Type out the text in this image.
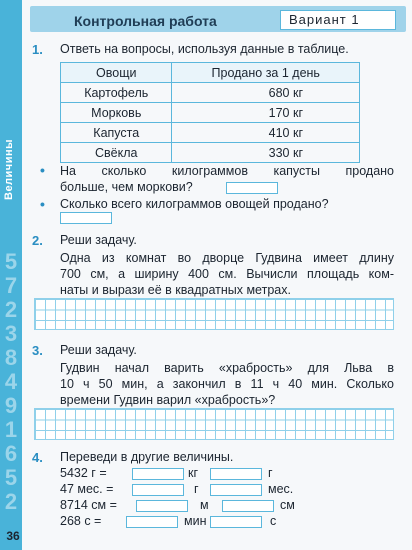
Величины
5
7
2
3
8
4
9
1
6
5
2
36
Контрольная работа	Вариант 1
1. Ответь на вопросы, используя данные в таблице.
Овощи	Продано за 1 день
Картофель	680 кг
Морковь	170 кг
Капуста	410 кг
Свёкла	330 кг
• На сколько килограммов капусты продано
больше, чем моркови?
• Сколько всего килограммов овощей продано?
2. Реши задачу.
Одна из комнат во дворце Гудвина имеет длину
700 см, а ширину 400 см. Вычисли площадь ком-
наты и вырази её в квадратных метрах.
3. Реши задачу.
Гудвин начал варить «храбрость» для Льва в
10 ч 50 мин, а закончил в 11 ч 40 мин. Сколько
времени Гудвин варил «храбрость»?
4. Переведи в другие величины.
5432 г =	кг	г
47 мес. =	г	мес.
8714 см =	м	см
268 с =	мин	с
